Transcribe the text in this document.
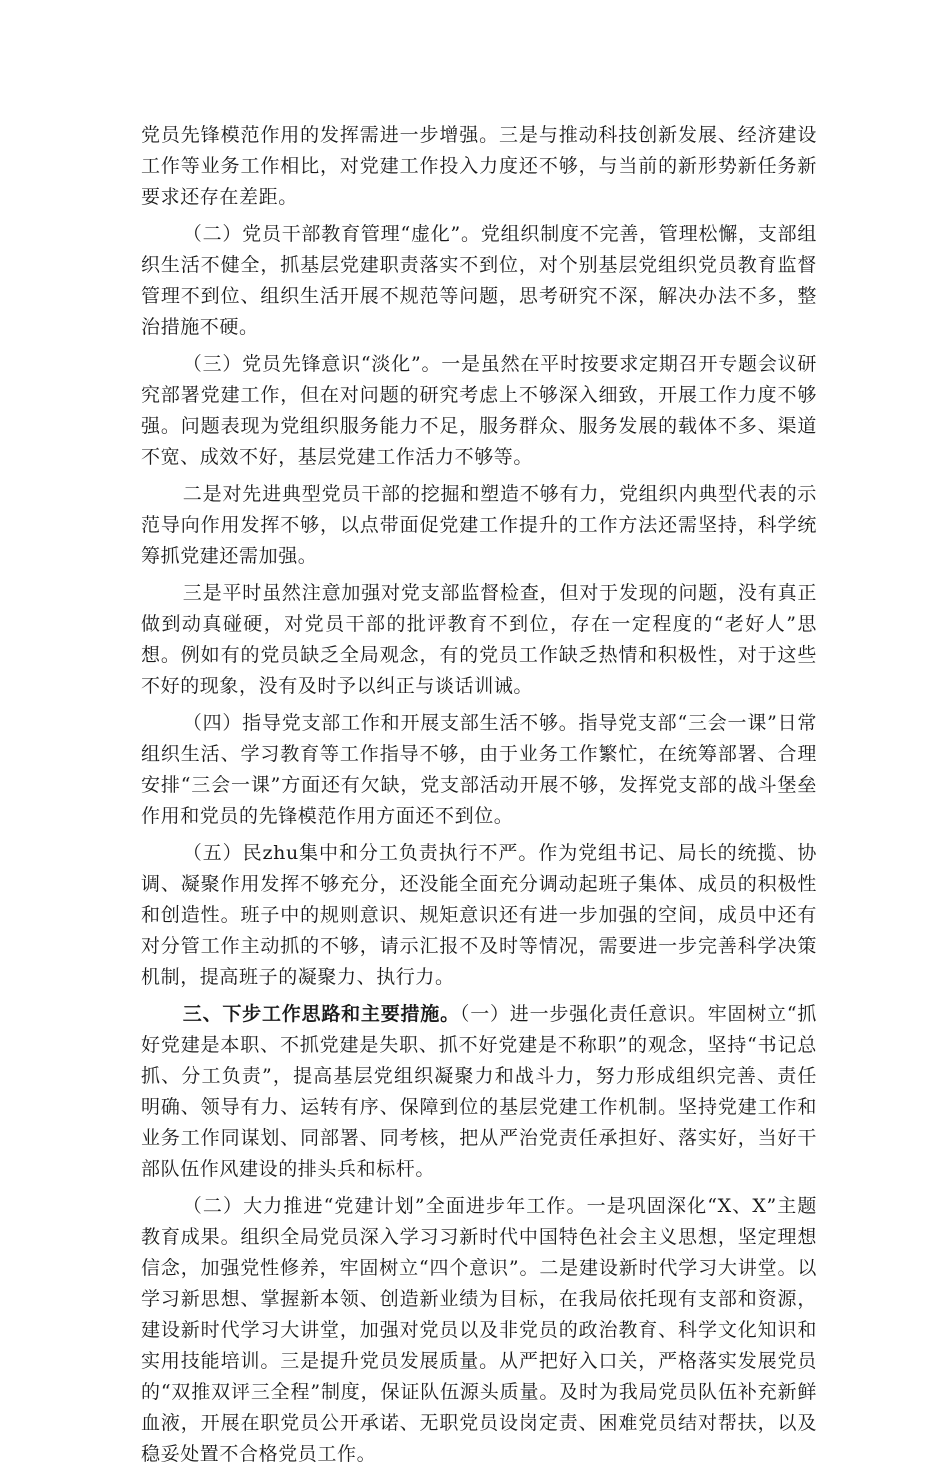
党员先锋模范作用的发挥需进一步增强。三是与推动科技创新发展、经济建设工作等业务工作相比，对党建工作投入力度还不够，与当前的新形势新任务新要求还存在差距。

（二）党员干部教育管理“虚化”。党组织制度不完善，管理松懈，支部组织生活不健全，抓基层党建职责落实不到位，对个别基层党组织党员教育监督管理不到位、组织生活开展不规范等问题，思考研究不深，解决办法不多，整治措施不硬。

（三）党员先锋意识“淡化”。一是虽然在平时按要求定期召开专题会议研究部署党建工作，但在对问题的研究考虑上不够深入细致，开展工作力度不够强。问题表现为党组织服务能力不足，服务群众、服务发展的载体不多、渠道不宽、成效不好，基层党建工作活力不够等。

二是对先进典型党员干部的挖掘和塑造不够有力，党组织内典型代表的示范导向作用发挥不够，以点带面促党建工作提升的工作方法还需坚持，科学统筹抓党建还需加强。

三是平时虽然注意加强对党支部监督检查，但对于发现的问题，没有真正做到动真碰硬，对党员干部的批评教育不到位，存在一定程度的“老好人”思想。例如有的党员缺乏全局观念，有的党员工作缺乏热情和积极性，对于这些不好的现象，没有及时予以纠正与谈话训诫。

（四）指导党支部工作和开展支部生活不够。指导党支部“三会一课”日常组织生活、学习教育等工作指导不够，由于业务工作繁忙，在统筹部署、合理安排“三会一课”方面还有欠缺，党支部活动开展不够，发挥党支部的战斗堡垒作用和党员的先锋模范作用方面还不到位。

（五）民zhu集中和分工负责执行不严。作为党组书记、局长的统揽、协调、凝聚作用发挥不够充分，还没能全面充分调动起班子集体、成员的积极性和创造性。班子中的规则意识、规矩意识还有进一步加强的空间，成员中还有对分管工作主动抓的不够，请示汇报不及时等情况，需要进一步完善科学决策机制，提高班子的凝聚力、执行力。

三、下步工作思路和主要措施。（一）进一步强化责任意识。牢固树立“抓好党建是本职、不抓党建是失职、抓不好党建是不称职”的观念，坚持“书记总抓、分工负责”，提高基层党组织凝聚力和战斗力，努力形成组织完善、责任明确、领导有力、运转有序、保障到位的基层党建工作机制。坚持党建工作和业务工作同谋划、同部署、同考核，把从严治党责任承担好、落实好，当好干部队伍作风建设的排头兵和标杆。

（二）大力推进“党建计划”全面进步年工作。一是巩固深化“X、X”主题教育成果。组织全局党员深入学习习新时代中国特色社会主义思想，坚定理想信念，加强党性修养，牢固树立“四个意识”。二是建设新时代学习大讲堂。以学习新思想、掌握新本领、创造新业绩为目标，在我局依托现有支部和资源，建设新时代学习大讲堂，加强对党员以及非党员的政治教育、科学文化知识和实用技能培训。三是提升党员发展质量。从严把好入口关，严格落实发展党员的“双推双评三全程”制度，保证队伍源头质量。及时为我局党员队伍补充新鲜血液，开展在职党员公开承诺、无职党员设岗定责、困难党员结对帮扶，以及稳妥处置不合格党员工作。
